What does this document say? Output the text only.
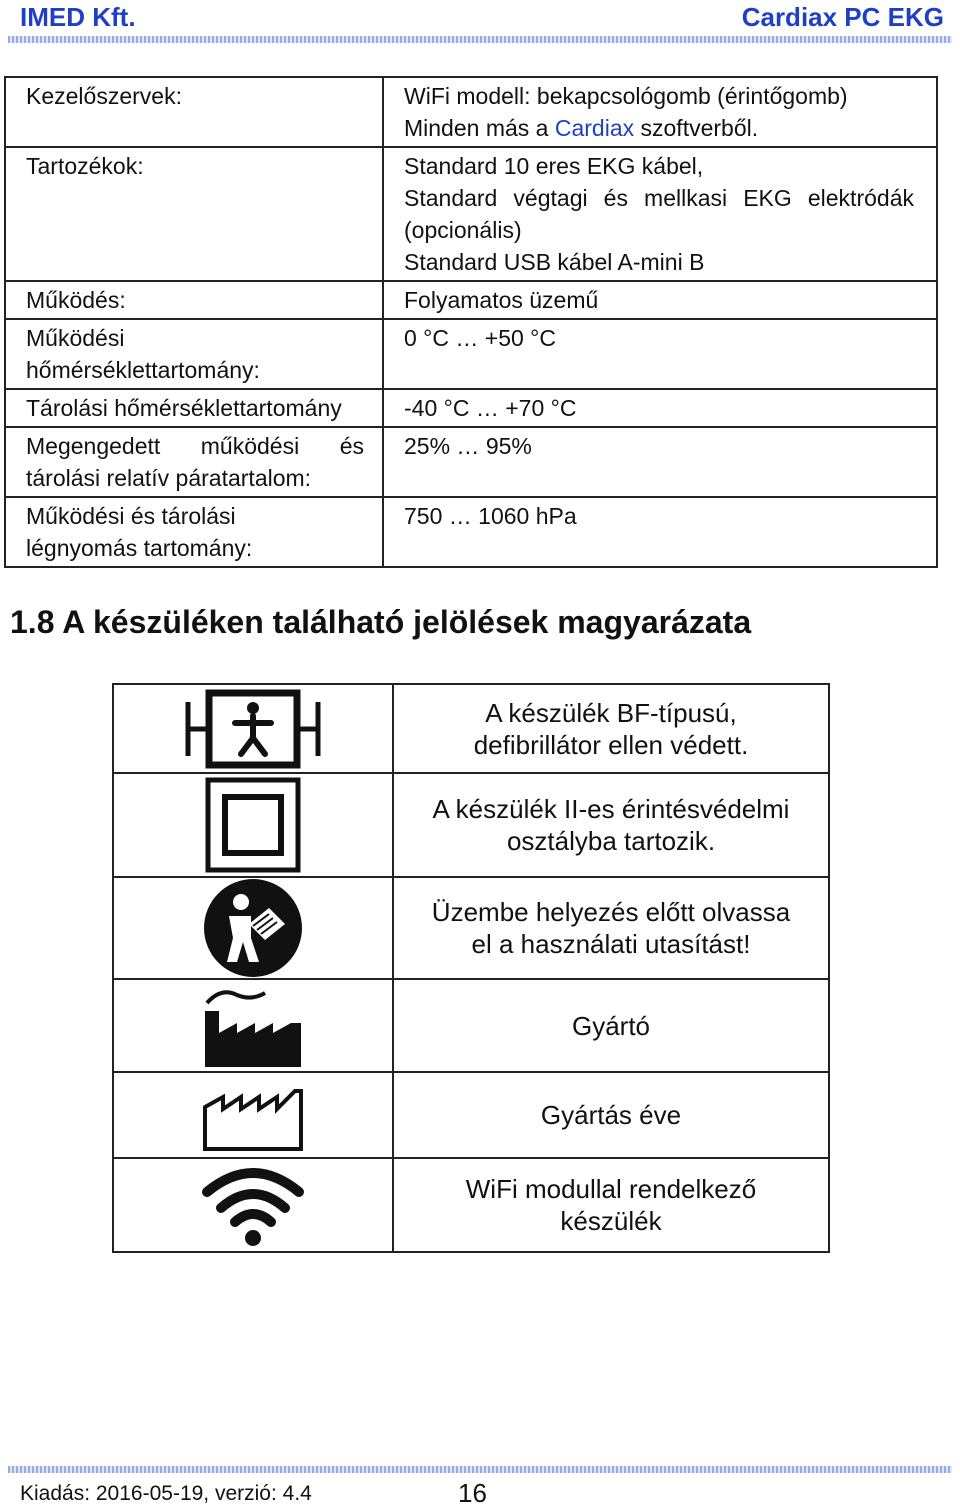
IMED Kft.	Cardiax PC EKG
Kezelőszervek:	WiFi modell: bekapcsológomb (érintőgomb)
Minden más a Cardiax szoftverből.

Tartozékok:	Standard 10 eres EKG kábel,
Standard végtagi és mellkasi EKG elektródák
(opcionális)
Standard USB kábel A-mini B

Működés:	Folyamatos üzemű

Működési
hőmérséklettartomány:	0 °C … +50 °C
Tárolási hőmérséklettartomány	-40 °C … +70 °C

Megengedett működési és
tárolási relatív páratartalom:	25% … 95%

Működési és tárolási
légnyomás tartomány:	750 … 1060 hPa
1.8 A készüléken található jelölések magyarázata

A készülék BF-típusú,
defibrillátor ellen védett.

A készülék II-es érintésvédelmi
osztályba tartozik.

Üzembe helyezés előtt olvassa
el a használati utasítást!

Gyártó

Gyártás éve

WiFi modullal rendelkező
készülék
Kiadás: 2016-05-19, verzió: 4.4	16
